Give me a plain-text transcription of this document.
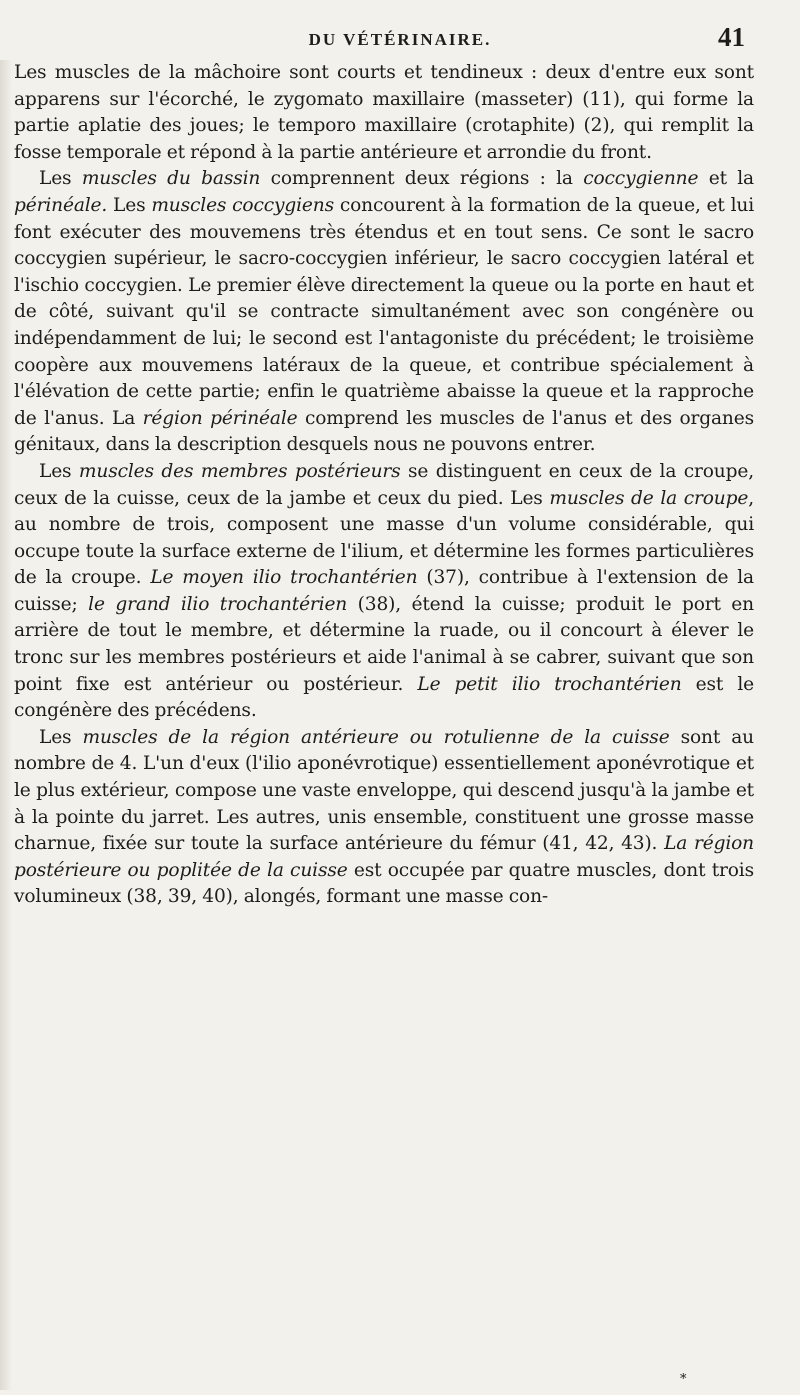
DU VÉTÉRINAIRE.	41

Les muscles de la mâchoire sont courts et tendineux : deux d'entre eux sont apparens sur l'écorché, le zygomato maxillaire (masseter) (11), qui forme la partie aplatie des joues; le temporo maxillaire (crotaphite) (2), qui remplit la fosse temporale et répond à la partie antérieure et arrondie du front.

Les muscles du bassin comprennent deux régions : la coccygienne et la périnéale. Les muscles coccygiens concourent à la formation de la queue, et lui font exécuter des mouvemens très étendus et en tout sens. Ce sont le sacro coccygien supérieur, le sacro-coccygien inférieur, le sacro coccygien latéral et l'ischio coccygien. Le premier élève directement la queue ou la porte en haut et de côté, suivant qu'il se contracte simultanément avec son congénère ou indépendamment de lui; le second est l'antagoniste du précédent; le troisième coopère aux mouvemens latéraux de la queue, et contribue spécialement à l'élévation de cette partie; enfin le quatrième abaisse la queue et la rapproche de l'anus. La région périnéale comprend les muscles de l'anus et des organes génitaux, dans la description desquels nous ne pouvons entrer.

Les muscles des membres postérieurs se distinguent en ceux de la croupe, ceux de la cuisse, ceux de la jambe et ceux du pied. Les muscles de la croupe, au nombre de trois, composent une masse d'un volume considérable, qui occupe toute la surface externe de l'ilium, et détermine les formes particulières de la croupe. Le moyen ilio trochantérien (37), contribue à l'extension de la cuisse; le grand ilio trochantérien (38), étend la cuisse; produit le port en arrière de tout le membre, et détermine la ruade, ou il concourt à élever le tronc sur les membres postérieurs et aide l'animal à se cabrer, suivant que son point fixe est antérieur ou postérieur. Le petit ilio trochantérien est le congénère des précédens.

Les muscles de la région antérieure ou rotulienne de la cuisse sont au nombre de 4. L'un d'eux (l'ilio aponévrotique) essentiellement aponévrotique et le plus extérieur, compose une vaste enveloppe, qui descend jusqu'à la jambe et à la pointe du jarret. Les autres, unis ensemble, constituent une grosse masse charnue, fixée sur toute la surface antérieure du fémur (41, 42, 43). La région postérieure ou poplitée de la cuisse est occupée par quatre muscles, dont trois volumineux (38, 39, 40), alongés, formant une masse con-

*
